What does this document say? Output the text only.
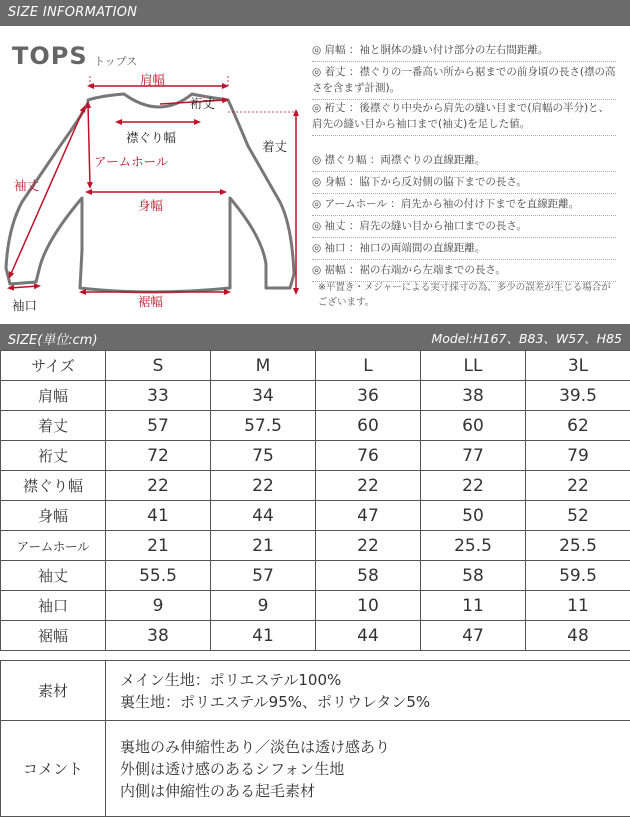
SIZE INFORMATION
TOPS トップス
肩幅
裄丈
襟ぐり幅
アームホール
着丈
袖丈
身幅
袖口	裾幅
◎ 肩幅 ：袖と胴体の縫い付け部分の左右間距離。
◎ 着丈 ：襟ぐりの一番高い所から裾までの前身頃の長さ(襟の高さを含まず計測)。
◎ 裄丈 ：後襟ぐり中央から肩先の縫い目まで(肩幅の半分)と、肩先の縫い目から袖口まで(袖丈)を足した値。
◎ 襟ぐり幅 ：両襟ぐりの直線距離。
◎ 身幅 ：脇下から反対側の脇下までの長さ。
◎ アームホール ：肩先から袖の付け下までを直線距離。
◎ 袖丈 ：肩先の縫い目から袖口までの長さ。
◎ 袖口 ：袖口の両端間の直線距離。
◎ 裾幅 ：裾の右端から左端までの長さ。
※平置き・メジャーによる実寸採寸の為、多少の誤差が生じる場合がございます。
SIZE(単位:cm)	Model:H167、B83、W57、H85
サイズ	S	M	L	LL	3L
肩幅	33	34	36	38	39.5
着丈	57	57.5	60	60	62
裄丈	72	75	76	77	79
襟ぐり幅	22	22	22	22	22
身幅	41	44	47	50	52
アームホール	21	21	22	25.5	25.5
袖丈	55.5	57	58	58	59.5
袖口	9	9	10	11	11
裾幅	38	41	44	47	48
素材	メイン生地：ポリエステル100%
裏生地：ポリエステル95%、ポリウレタン5%

コメント	裏地のみ伸縮性あり／淡色は透け感あり
外側は透け感のあるシフォン生地
内側は伸縮性のある起毛素材
